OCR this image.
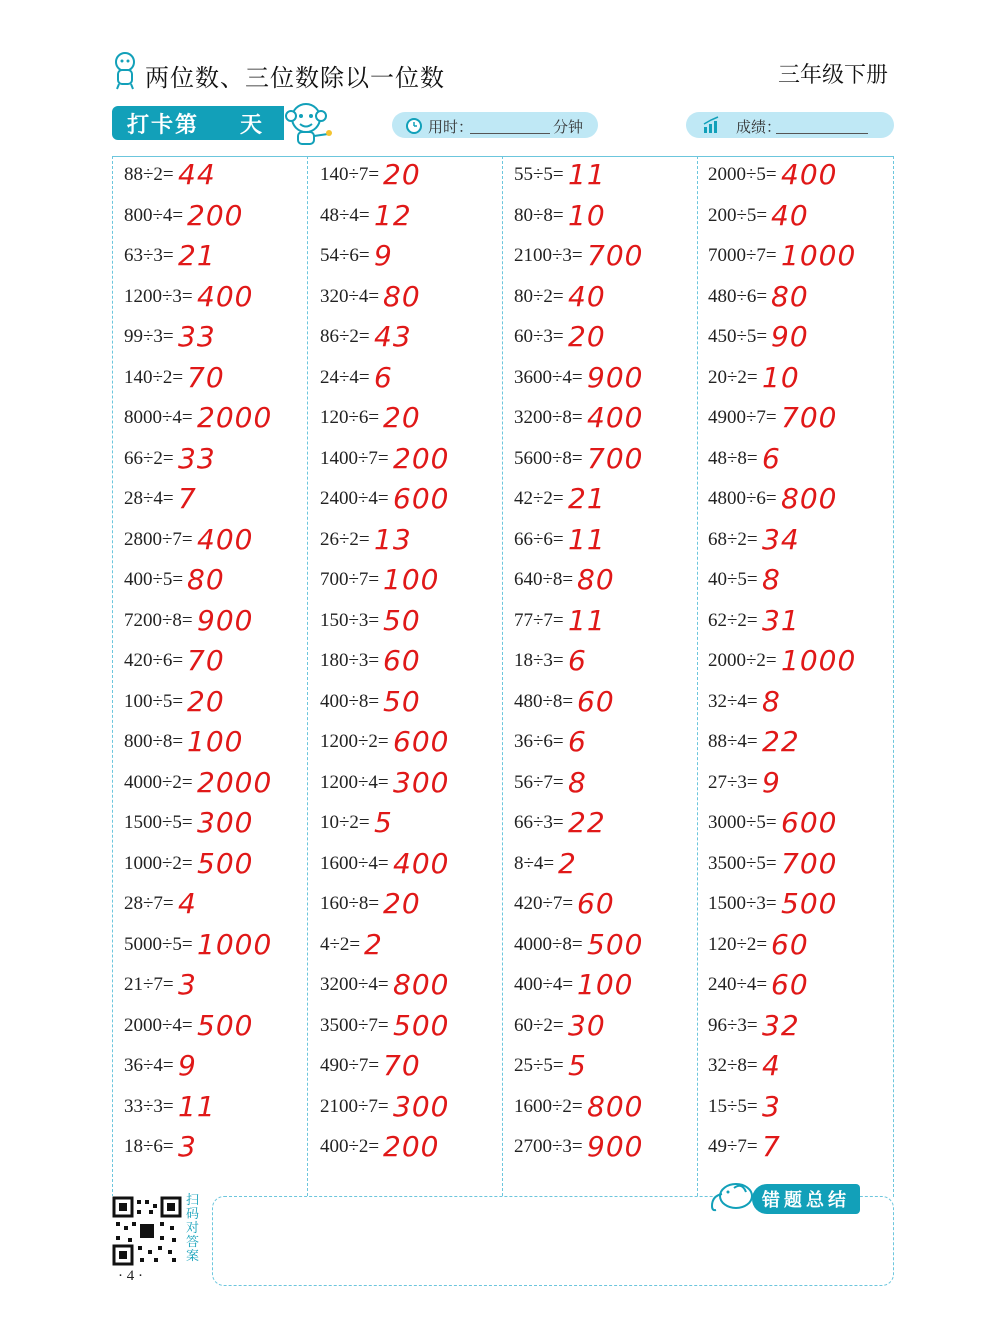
两位数、三位数除以一位数	三年级下册
打卡第 天	用时：	分钟	成绩：
88÷2= 44
800÷4= 200
63÷3= 21
1200÷3= 400
99÷3= 33
140÷2= 70
8000÷4= 2000
66÷2= 33
28÷4= 7
2800÷7= 400
400÷5= 80
7200÷8= 900
420÷6= 70
100÷5= 20
800÷8= 100
4000÷2= 2000
1500÷5= 300
1000÷2= 500
28÷7= 4
5000÷5= 1000
21÷7= 3
2000÷4= 500
36÷4= 9
33÷3= 11
18÷6= 3
140÷7= 20
48÷4= 12
54÷6= 9
320÷4= 80
86÷2= 43
24÷4= 6
120÷6= 20
1400÷7= 200
2400÷4= 600
26÷2= 13
700÷7= 100
150÷3= 50
180÷3= 60
400÷8= 50
1200÷2= 600
1200÷4= 300
10÷2= 5
1600÷4= 400
160÷8= 20
4÷2= 2
3200÷4= 800
3500÷7= 500
490÷7= 70
2100÷7= 300
400÷2= 200
55÷5= 11
80÷8= 10
2100÷3= 700
80÷2= 40
60÷3= 20
3600÷4= 900
3200÷8= 400
5600÷8= 700
42÷2= 21
66÷6= 11
640÷8= 80
77÷7= 11
18÷3= 6
480÷8= 60
36÷6= 6
56÷7= 8
66÷3= 22
8÷4= 2
420÷7= 60
4000÷8= 500
400÷4= 100
60÷2= 30
25÷5= 5
1600÷2= 800
2700÷3= 900
2000÷5= 400
200÷5= 40
7000÷7= 1000
480÷6= 80
450÷5= 90
20÷2= 10
4900÷7= 700
48÷8= 6
4800÷6= 800
68÷2= 34
40÷5= 8
62÷2= 31
2000÷2= 1000
32÷4= 8
88÷4= 22
27÷3= 9
3000÷5= 600
3500÷5= 700
1500÷3= 500
120÷2= 60
240÷4= 60
96÷3= 32
32÷8= 4
15÷5= 3
49÷7= 7
错题总结
扫码对答案
· 4 ·
